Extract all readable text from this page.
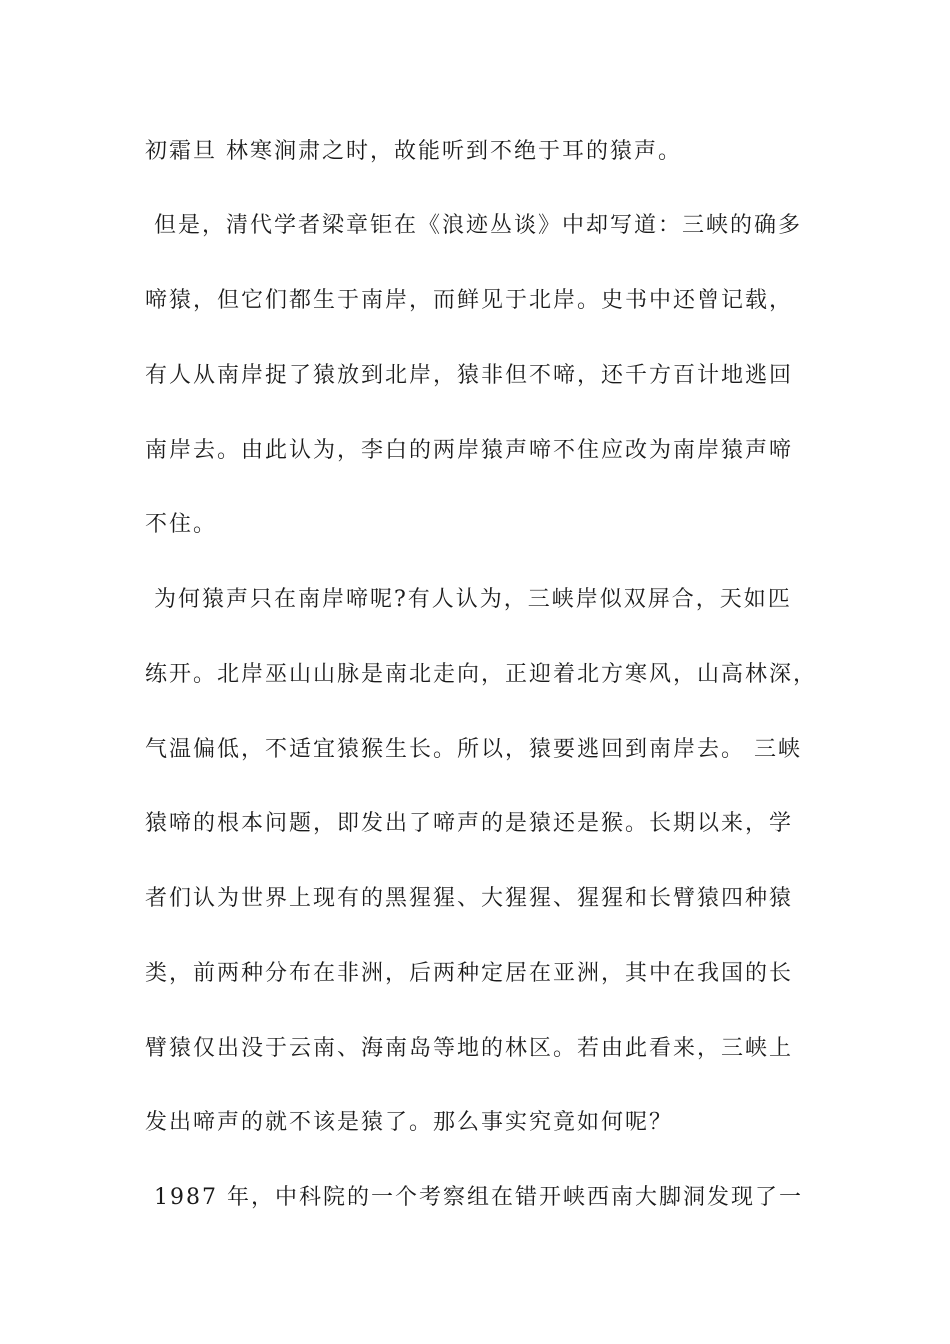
初霜旦 林寒涧肃之时，故能听到不绝于耳的猿声。
但是，清代学者梁章钜在《浪迹丛谈》中却写道：三峡的确多
啼猿，但它们都生于南岸，而鲜见于北岸。史书中还曾记载，
有人从南岸捉了猿放到北岸，猿非但不啼，还千方百计地逃回
南岸去。由此认为，李白的两岸猿声啼不住应改为南岸猿声啼
不住。
为何猿声只在南岸啼呢?有人认为，三峡岸似双屏合，天如匹
练开。北岸巫山山脉是南北走向，正迎着北方寒风，山高林深，
气温偏低，不适宜猿猴生长。所以，猿要逃回到南岸去。 三峡
猿啼的根本问题，即发出了啼声的是猿还是猴。长期以来，学
者们认为世界上现有的黑猩猩、大猩猩、猩猩和长臂猿四种猿
类，前两种分布在非洲，后两种定居在亚洲，其中在我国的长
臂猿仅出没于云南、海南岛等地的林区。若由此看来，三峡上
发出啼声的就不该是猿了。那么事实究竟如何呢？
1987 年，中科院的一个考察组在错开峡西南大脚洞发现了一
